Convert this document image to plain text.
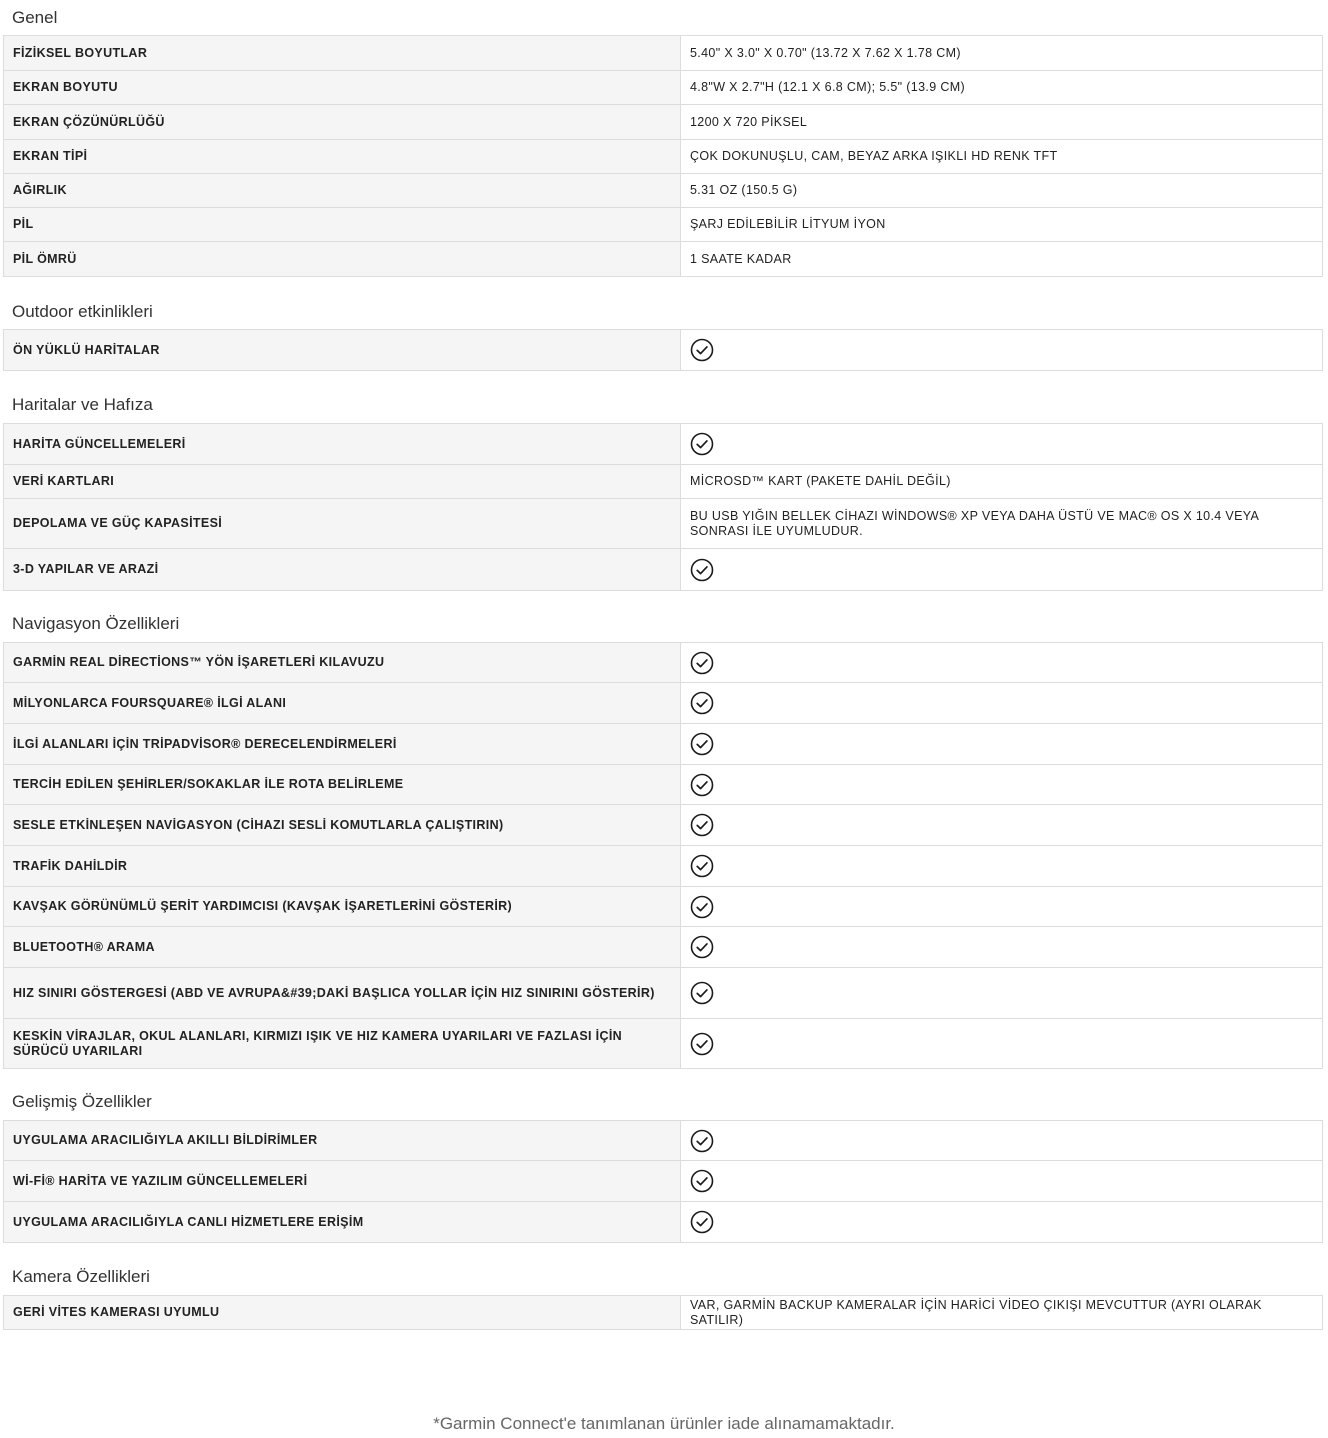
Genel
FİZİKSEL BOYUTLAR	5.40" X 3.0" X 0.70" (13.72 X 7.62 X 1.78 CM)
EKRAN BOYUTU	4.8"W X 2.7"H (12.1 X 6.8 CM); 5.5" (13.9 CM)
EKRAN ÇÖZÜNÜRLÜĞÜ	1200 X 720 PİKSEL
EKRAN TİPİ	ÇOK DOKUNUŞLU, CAM, BEYAZ ARKA IŞIKLI HD RENK TFT
AĞIRLIK	5.31 OZ (150.5 G)
PİL	ŞARJ EDİLEBİLİR LİTYUM İYON
PİL ÖMRÜ	1 SAATE KADAR
Outdoor etkinlikleri
ÖN YÜKLÜ HARİTALAR	
Haritalar ve Hafıza
HARİTA GÜNCELLEMELERİ	
VERİ KARTLARI	MİCROSD™ KART (PAKETE DAHİL DEĞİL)
DEPOLAMA VE GÜÇ KAPASİTESİ	BU USB YIĞIN BELLEK CİHAZI WİNDOWS® XP VEYA DAHA ÜSTÜ VE MAC® OS X 10.4 VEYA SONRASI İLE UYUMLUDUR.
3-D YAPILAR VE ARAZİ	
Navigasyon Özellikleri
GARMİN REAL DİRECTİONS™ YÖN İŞARETLERİ KILAVUZU	
MİLYONLARCA FOURSQUARE® İLGİ ALANI	
İLGİ ALANLARI İÇİN TRİPADVİSOR® DERECELENDİRMELERİ	
TERCİH EDİLEN ŞEHİRLER/SOKAKLAR İLE ROTA BELİRLEME	
SESLE ETKİNLEŞEN NAVİGASYON (CİHAZI SESLİ KOMUTLARLA ÇALIŞTIRIN)	
TRAFİK DAHİLDİR	
KAVŞAK GÖRÜNÜMLÜ ŞERİT YARDIMCISI (KAVŞAK İŞARETLERİNİ GÖSTERİR)	
BLUETOOTH® ARAMA	
HIZ SINIRI GÖSTERGESİ (ABD VE AVRUPA&#39;DAKİ BAŞLICA YOLLAR İÇİN HIZ SINIRINI GÖSTERİR)	
KESKİN VİRAJLAR, OKUL ALANLARI, KIRMIZI IŞIK VE HIZ KAMERA UYARILARI VE FAZLASI İÇİN SÜRÜCÜ UYARILARI	
Gelişmiş Özellikler
UYGULAMA ARACILIĞIYLA AKILLI BİLDİRİMLER	
Wİ-Fİ® HARİTA VE YAZILIM GÜNCELLEMELERİ	
UYGULAMA ARACILIĞIYLA CANLI HİZMETLERE ERİŞİM	
Kamera Özellikleri
GERİ VİTES KAMERASI UYUMLU	VAR, GARMİN BACKUP KAMERALAR İÇİN HARİCİ VİDEO ÇIKIŞI MEVCUTTUR (AYRI OLARAK SATILIR)
*Garmin Connect'e tanımlanan ürünler iade alınamamaktadır.
